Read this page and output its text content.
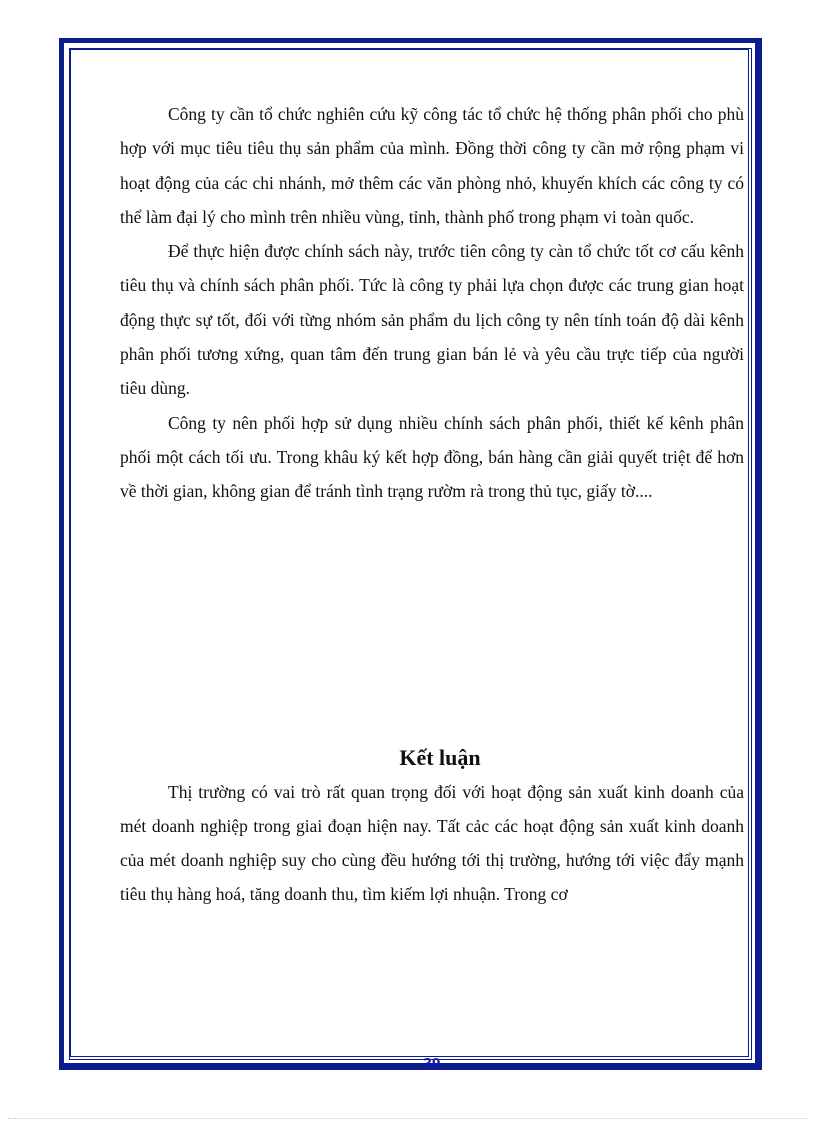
Công ty cần tổ chức nghiên cứu kỹ công tác tổ chức hệ thống phân phối cho phù hợp với mục tiêu tiêu thụ sản phẩm của mình. Đồng thời công ty cần mở rộng phạm vi hoạt động của các chi nhánh, mở thêm các văn phòng nhỏ, khuyến khích các công ty có thể làm đại lý cho mình trên nhiều vùng, tỉnh, thành phố trong phạm vi toàn quốc.

Để thực hiện được chính sách này, trước tiên công ty càn tổ chức tốt cơ cấu kênh tiêu thụ và chính sách phân phối. Tức là công ty phải lựa chọn được các trung gian hoạt động thực sự tốt, đối với từng nhóm sản phẩm du lịch công ty nên tính toán độ dài kênh phân phối tương xứng, quan tâm đến trung gian bán lẻ và yêu cầu trực tiếp của người tiêu dùng.

Công ty nên phối hợp sử dụng nhiều chính sách phân phối, thiết kế kênh phân phối một cách tối ưu. Trong khâu ký kết hợp đồng, bán hàng cần giải quyết triệt để hơn về thời gian, không gian để tránh tình trạng rườm rà trong thủ tục, giấy tờ....

Kết luận

Thị trường có vai trò rất quan trọng đối với hoạt động sản xuất kinh doanh của mét doanh nghiệp trong giai đoạn hiện nay. Tất cảc các hoạt động sản xuất kinh doanh của mét doanh nghiệp suy cho cùng đều hướng tới thị trường, hướng tới việc đẩy mạnh tiêu thụ hàng hoá, tăng doanh thu, tìm kiếm lợi nhuận. Trong cơ

39
